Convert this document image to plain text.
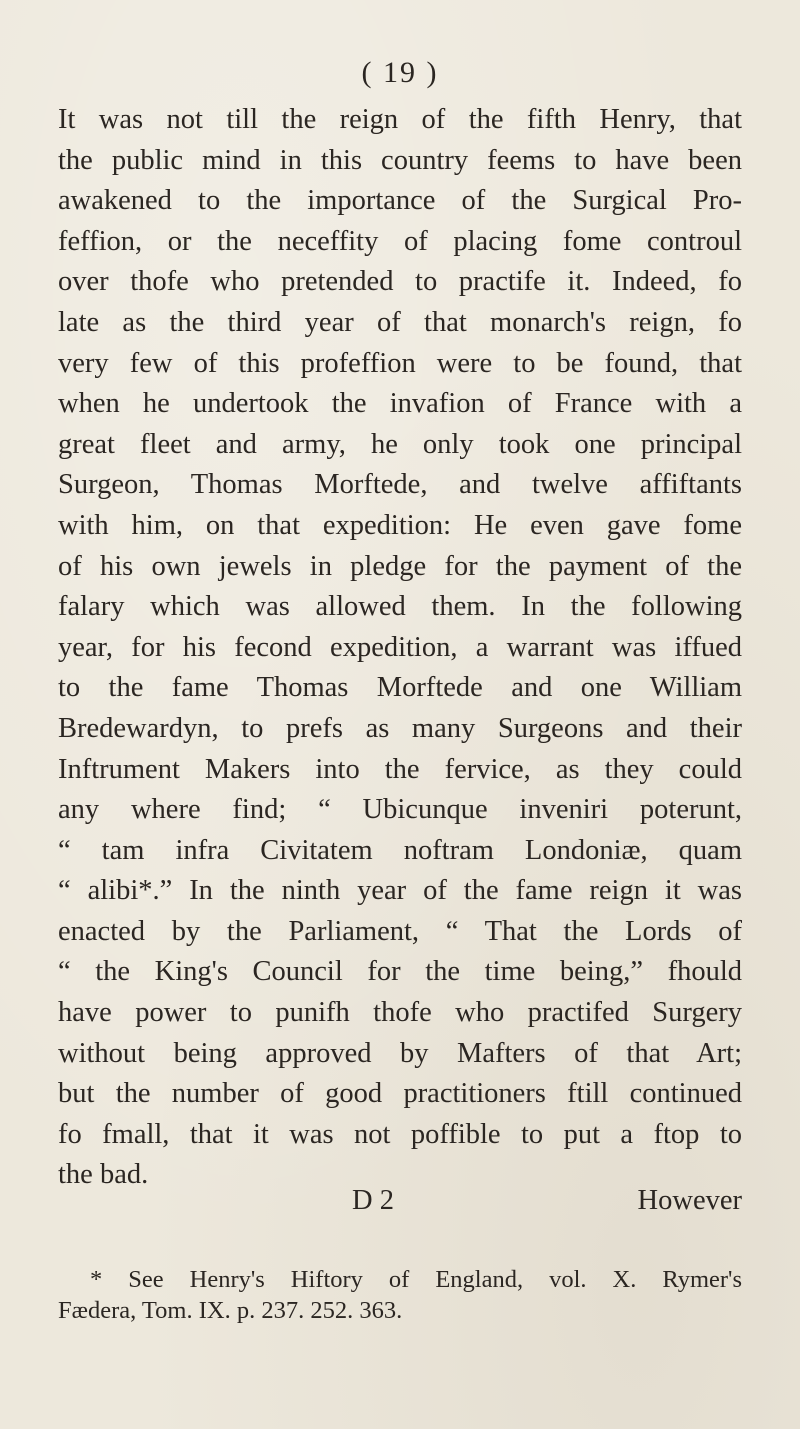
( 19 )
It was not till the reign of the fifth Henry, that
the public mind in this country feems to have been
awakened to the importance of the Surgical Pro-
feffion, or the neceffity of placing fome controul
over thofe who pretended to practife it. Indeed, fo
late as the third year of that monarch's reign, fo
very few of this profeffion were to be found, that
when he undertook the invafion of France with a
great fleet and army, he only took one principal
Surgeon, Thomas Morftede, and twelve affiftants
with him, on that expedition: He even gave fome
of his own jewels in pledge for the payment of the
falary which was allowed them. In the following
year, for his fecond expedition, a warrant was iffued
to the fame Thomas Morftede and one William
Bredewardyn, to prefs as many Surgeons and their
Inftrument Makers into the fervice, as they could
any where find; “ Ubicunque inveniri poterunt,
“ tam infra Civitatem noftram Londoniæ, quam
“ alibi*.” In the ninth year of the fame reign it was
enacted by the Parliament, “ That the Lords of
“ the King's Council for the time being,” fhould
have power to punifh thofe who practifed Surgery
without being approved by Mafters of that Art;
but the number of good practitioners ftill continued
fo fmall, that it was not poffible to put a ftop to
the bad.
D 2	However
* See Henry's Hiftory of England, vol. X. Rymer's
Fædera, Tom. IX. p. 237. 252. 363.
